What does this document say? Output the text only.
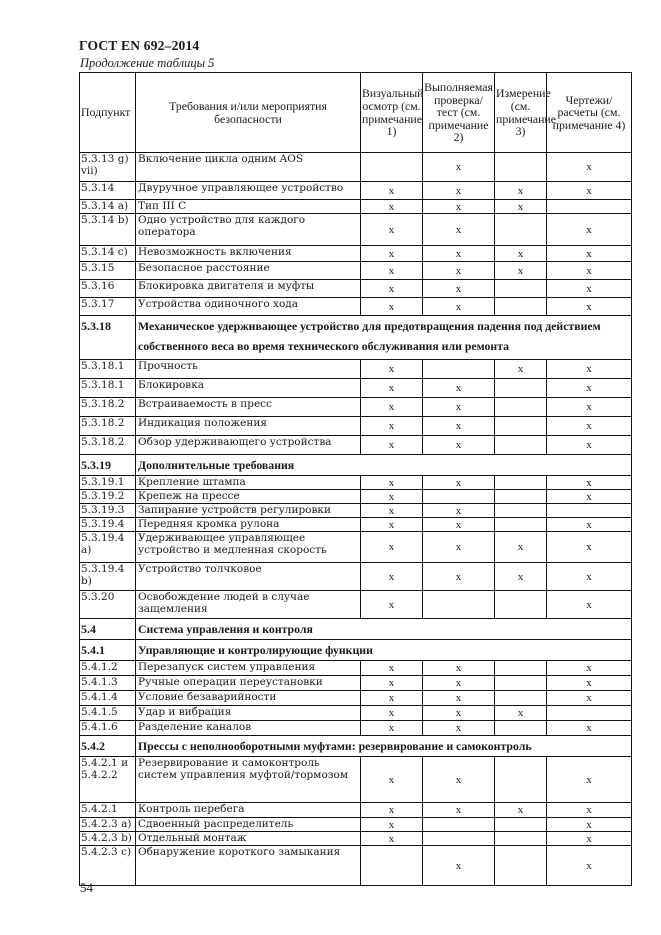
ГОСТ EN 692–2014
Продолжение таблицы 5
Подпункт	Требования и/или мероприятия безопасности	Визуальный осмотр (см. примечание 1)	Выполняемая проверка/тест (см. примечание 2)	Измерение (см. примечание 3)	Чертежи/расчеты (см. примечание 4)
5.3.13 g) vii)	Включение цикла одним AOS		x		x
5.3.14	Двуручное управляющее устройство	x	x	x	x
5.3.14 a)	Тип III C	x	x	x	
5.3.14 b)	Одно устройство для каждого оператора	x	x		x
5.3.14 c)	Невозможность включения	x	x	x	x
5.3.15	Безопасное расстояние	x	x	x	x
5.3.16	Блокировка двигателя и муфты	x	x		x
5.3.17	Устройства одиночного хода	x	x		x
5.3.18	Механическое удерживающее устройство для предотвращения падения под действием собственного веса во время технического обслуживания или ремонта				
5.3.18.1	Прочность	x		x	x
5.3.18.1	Блокировка	x	x		x
5.3.18.2	Встраиваемость в пресс	x	x		x
5.3.18.2	Индикация положения	x	x		x
5.3.18.2	Обзор удерживающего устройства	x	x		x
5.3.19	Дополнительные требования				
5.3.19.1	Крепление штампа	x	x		x
5.3.19.2	Крепеж на прессе	x			x
5.3.19.3	Запирание устройств регулировки	x	x		
5.3.19.4	Передняя кромка рулона	x	x		x
5.3.19.4 a)	Удерживающее управляющее устройство и медленная скорость	x	x	x	x
5.3.19.4 b)	Устройство толчковое	x	x	x	x
5.3.20	Освобождение людей в случае защемления	x			x
5.4	Система управления и контроля				
5.4.1	Управляющие и контролирующие функции				
5.4.1.2	Перезапуск систем управления	x	x		x
5.4.1.3	Ручные операции переустановки	x	x		x
5.4.1.4	Условие безаварийности	x	x		x
5.4.1.5	Удар и вибрация	x	x	x	
5.4.1.6	Разделение каналов	x	x		x
5.4.2	Прессы с неполнооборотными муфтами: резервирование и самоконтроль				
5.4.2.1 и 5.4.2.2	Резервирование и самоконтроль систем управления муфтой/тормозом	x	x		x
5.4.2.1	Контроль перебега	x	x	x	x
5.4.2.3 a)	Сдвоенный распределитель	x			x
5.4.2.3 b)	Отдельный монтаж	x			x
5.4.2.3 c)	Обнаружение короткого замыкания		x		x
54
